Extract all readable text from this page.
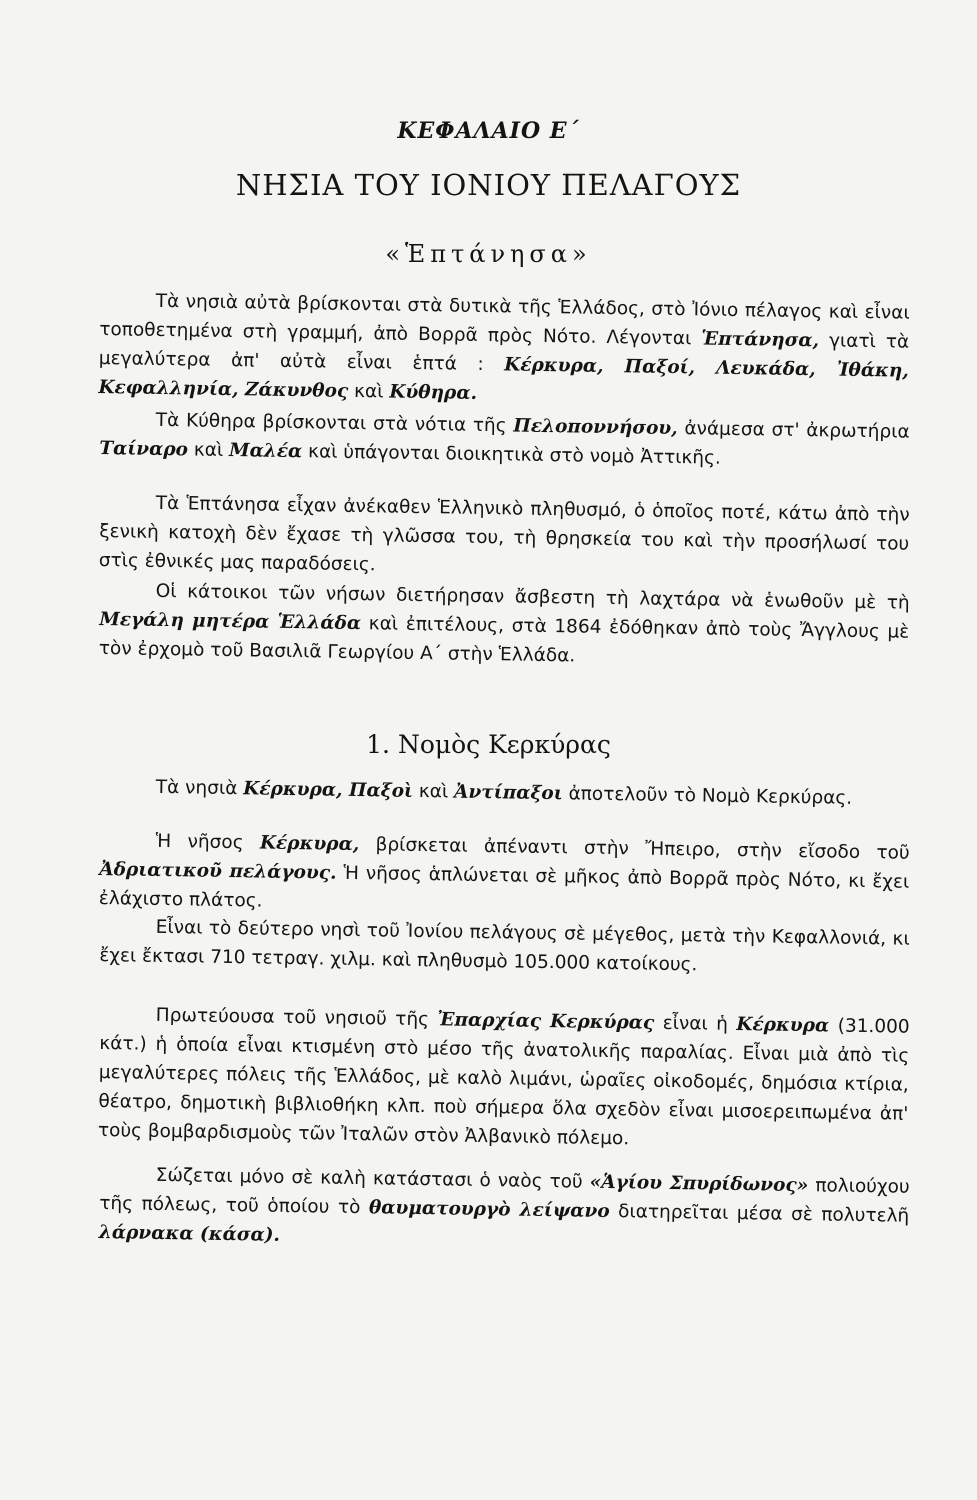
ΚΕΦΑΛΑΙΟ Ε΄
ΝΗΣΙΑ ΤΟΥ ΙΟΝΙΟΥ ΠΕΛΑΓΟΥΣ
«Ἑπτάνησα»

Τὰ νησιὰ αὐτὰ βρίσκονται στὰ δυτικὰ τῆς Ἑλλάδος, στὸ Ἰόνιο πέλαγος καὶ εἶναι τοποθετημένα στὴ γραμμή, ἀπὸ Βορρᾶ πρὸς Νότο. Λέγονται Ἑπτάνησα, γιατὶ τὰ μεγαλύτερα ἀπ' αὐτὰ εἶναι ἑπτά : Κέρκυρα, Παξοί, Λευκάδα, Ἰθάκη, Κεφαλληνία, Ζάκυνθος καὶ Κύθηρα.

Τὰ Κύθηρα βρίσκονται στὰ νότια τῆς Πελοποννήσου, ἀνάμεσα στ' ἀκρωτήρια Ταίναρο καὶ Μαλέα καὶ ὑπάγονται διοικητικὰ στὸ νομὸ Ἀττικῆς.

Τὰ Ἑπτάνησα εἶχαν ἀνέκαθεν Ἑλληνικὸ πληθυσμό, ὁ ὁποῖος ποτέ, κάτω ἀπὸ τὴν ξενικὴ κατοχὴ δὲν ἔχασε τὴ γλῶσσα του, τὴ θρησκεία του καὶ τὴν προσήλωσί του στὶς ἐθνικές μας παραδόσεις.

Οἱ κάτοικοι τῶν νήσων διετήρησαν ἄσβεστη τὴ λαχτάρα νὰ ἑνωθοῦν μὲ τὴ Μεγάλη μητέρα Ἑλλάδα καὶ ἐπιτέλους, στὰ 1864 ἐδόθηκαν ἀπὸ τοὺς Ἄγγλους μὲ τὸν ἐρχομὸ τοῦ Βασιλιᾶ Γεωργίου Α΄ στὴν Ἑλλάδα.

1. Νομὸς Κερκύρας

Τὰ νησιὰ Κέρκυρα, Παξοὶ καὶ Ἀντίπαξοι ἀποτελοῦν τὸ Νομὸ Κερκύρας.

Ἡ νῆσος Κέρκυρα, βρίσκεται ἀπέναντι στὴν Ἤπειρο, στὴν εἴσοδο τοῦ Ἀδριατικοῦ πελάγους. Ἡ νῆσος ἁπλώνεται σὲ μῆκος ἀπὸ Βορρᾶ πρὸς Νότο, κι ἔχει ἐλάχιστο πλάτος.

Εἶναι τὸ δεύτερο νησὶ τοῦ Ἰονίου πελάγους σὲ μέγεθος, μετὰ τὴν Κεφαλλονιά, κι ἔχει ἔκτασι 710 τετραγ. χιλμ. καὶ πληθυσμὸ 105.000 κατοίκους.

Πρωτεύουσα τοῦ νησιοῦ τῆς Ἐπαρχίας Κερκύρας εἶναι ἡ Κέρκυρα (31.000 κάτ.) ἡ ὁποία εἶναι κτισμένη στὸ μέσο τῆς ἀνατολικῆς παραλίας. Εἶναι μιὰ ἀπὸ τὶς μεγαλύτερες πόλεις τῆς Ἑλλάδος, μὲ καλὸ λιμάνι, ὡραῖες οἰκοδομές, δημόσια κτίρια, θέατρο, δημοτικὴ βιβλιοθήκη κλπ. ποὺ σήμερα ὅλα σχεδὸν εἶναι μισοερειπωμένα ἀπ' τοὺς βομβαρδισμοὺς τῶν Ἰταλῶν στὸν Ἀλβανικὸ πόλεμο.

Σώζεται μόνο σὲ καλὴ κατάστασι ὁ ναὸς τοῦ «Ἁγίου Σπυρίδωνος» πολιούχου τῆς πόλεως, τοῦ ὁποίου τὸ θαυματουργὸ λείψανο διατηρεῖται μέσα σὲ πολυτελῆ λάρνακα (κάσα).
